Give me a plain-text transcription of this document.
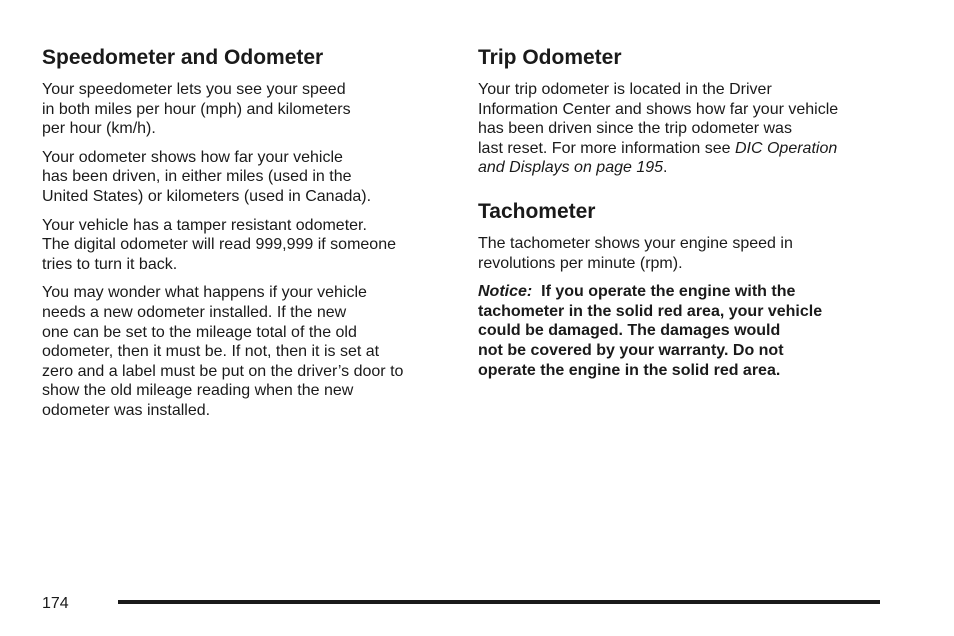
Speedometer and Odometer

Your speedometer lets you see your speed
in both miles per hour (mph) and kilometers
per hour (km/h).

Your odometer shows how far your vehicle
has been driven, in either miles (used in the
United States) or kilometers (used in Canada).

Your vehicle has a tamper resistant odometer.
The digital odometer will read 999,999 if someone
tries to turn it back.

You may wonder what happens if your vehicle
needs a new odometer installed. If the new
one can be set to the mileage total of the old
odometer, then it must be. If not, then it is set at
zero and a label must be put on the driver’s door to
show the old mileage reading when the new
odometer was installed.

Trip Odometer

Your trip odometer is located in the Driver
Information Center and shows how far your vehicle
has been driven since the trip odometer was
last reset. For more information see DIC Operation
and Displays on page 195.

Tachometer

The tachometer shows your engine speed in
revolutions per minute (rpm).

Notice: If you operate the engine with the
tachometer in the solid red area, your vehicle
could be damaged. The damages would
not be covered by your warranty. Do not
operate the engine in the solid red area.

174
